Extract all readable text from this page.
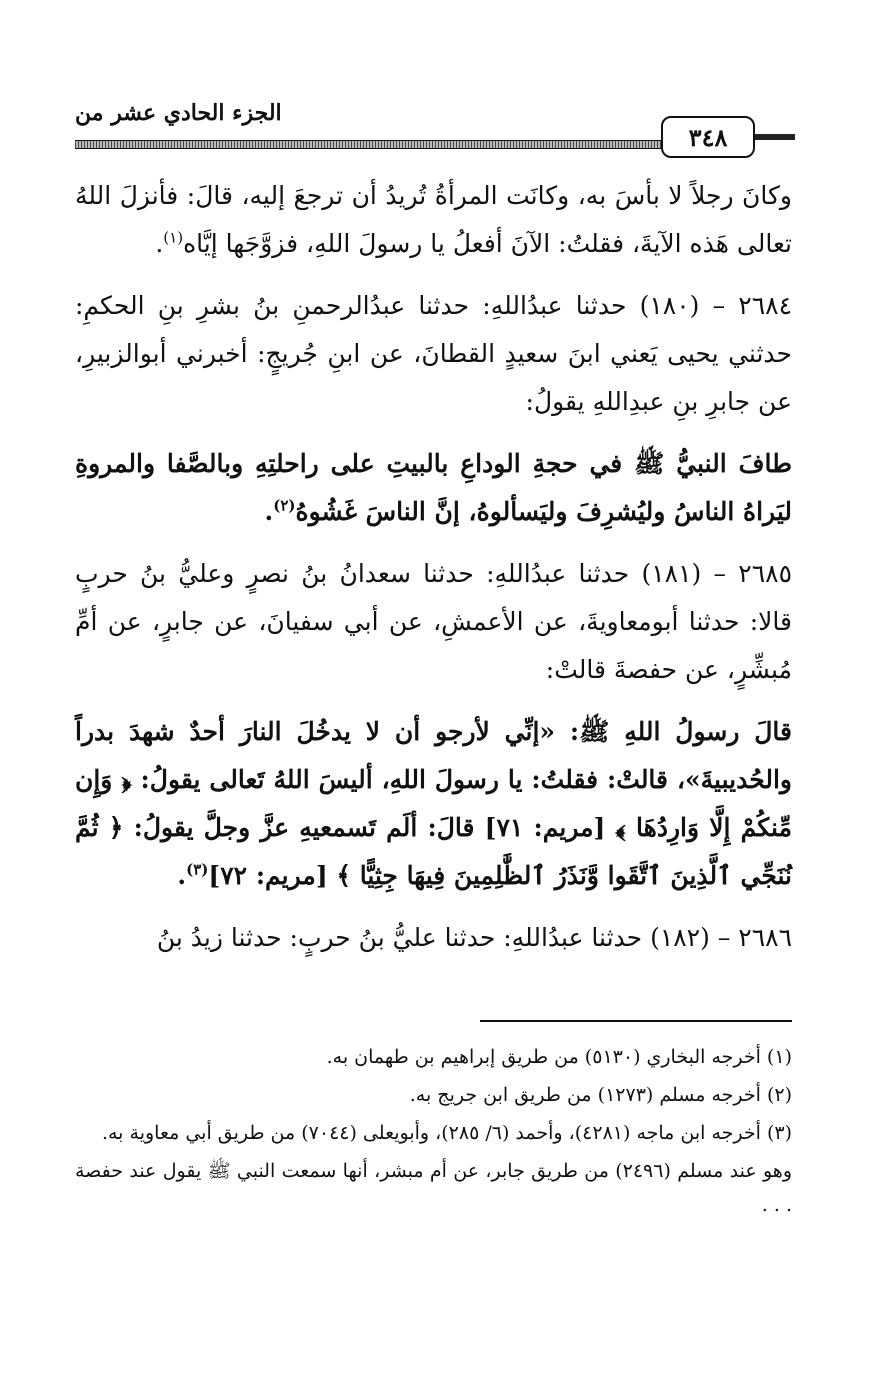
الجزء الحادي عشر من
٣٤٨

وكانَ رجلاً لا بأسَ به، وكانَت المرأةُ تُريدُ أن ترجعَ إليه، قالَ: فأنزلَ اللهُ تعالى هَذه الآيةَ، فقلتُ: الآنَ أفعلُ يا رسولَ اللهِ، فزوَّجَها إيَّاه$^{(١)}$.

٢٦٨٤ – (١٨٠) حدثنا عبدُاللهِ: حدثنا عبدُالرحمنِ بنُ بشرِ بنِ الحكمِ: حدثني يحيى يَعني ابنَ سعيدٍ القطانَ، عن ابنِ جُريجٍ: أخبرني أبوالزبيرِ، عن جابرِ بنِ عبدِاللهِ يقولُ:

طافَ النبيُّ ﷺ في حجةِ الوداعِ بالبيتِ على راحلتِهِ وبالصَّفا والمروةِ ليَراهُ الناسُ وليُشرِفَ وليَسألوهُ، إنَّ الناسَ غَشُوهُ$^{(٢)}$.

٢٦٨٥ – (١٨١) حدثنا عبدُاللهِ: حدثنا سعدانُ بنُ نصرٍ وعليُّ بنُ حربٍ قالا: حدثنا أبومعاويةَ، عن الأعمشِ، عن أبي سفيانَ، عن جابرٍ، عن أمِّ مُبشِّرٍ، عن حفصةَ قالتْ:

قالَ رسولُ اللهِ ﷺ: «إنِّي لأرجو أن لا يدخُلَ النارَ أحدٌ شهدَ بدراً والحُديبيةَ»، قالتْ: فقلتُ: يا رسولَ اللهِ، أليسَ اللهُ تَعالى يقولُ: ﴿ وَإِن مِّنكُمْ إِلَّا وَارِدُهَا ﴾ [مريم: ٧١] قالَ: ألَم تَسمعيهِ عزَّ وجلَّ يقولُ: ﴿ ثُمَّ نُنَجِّي ٱلَّذِينَ ٱتَّقَوا وَّنَذَرُ ٱلظَّٰلِمِينَ فِيهَا جِثِيًّا ﴾ [مريم: ٧٢]$^{(٣)}$.

٢٦٨٦ – (١٨٢) حدثنا عبدُاللهِ: حدثنا عليُّ بنُ حربٍ: حدثنا زيدُ بنُ

(١) أخرجه البخاري (٥١٣٠) من طريق إبراهيم بن طهمان به.

(٢) أخرجه مسلم (١٢٧٣) من طريق ابن جريج به.

(٣) أخرجه ابن ماجه (٤٢٨١)، وأحمد (٦/ ٢٨٥)، وأبويعلى (٧٠٤٤) من طريق أبي معاوية به.

وهو عند مسلم (٢٤٩٦) من طريق جابر، عن أم مبشر، أنها سمعت النبي ﷺ يقول عند حفصة . . .
